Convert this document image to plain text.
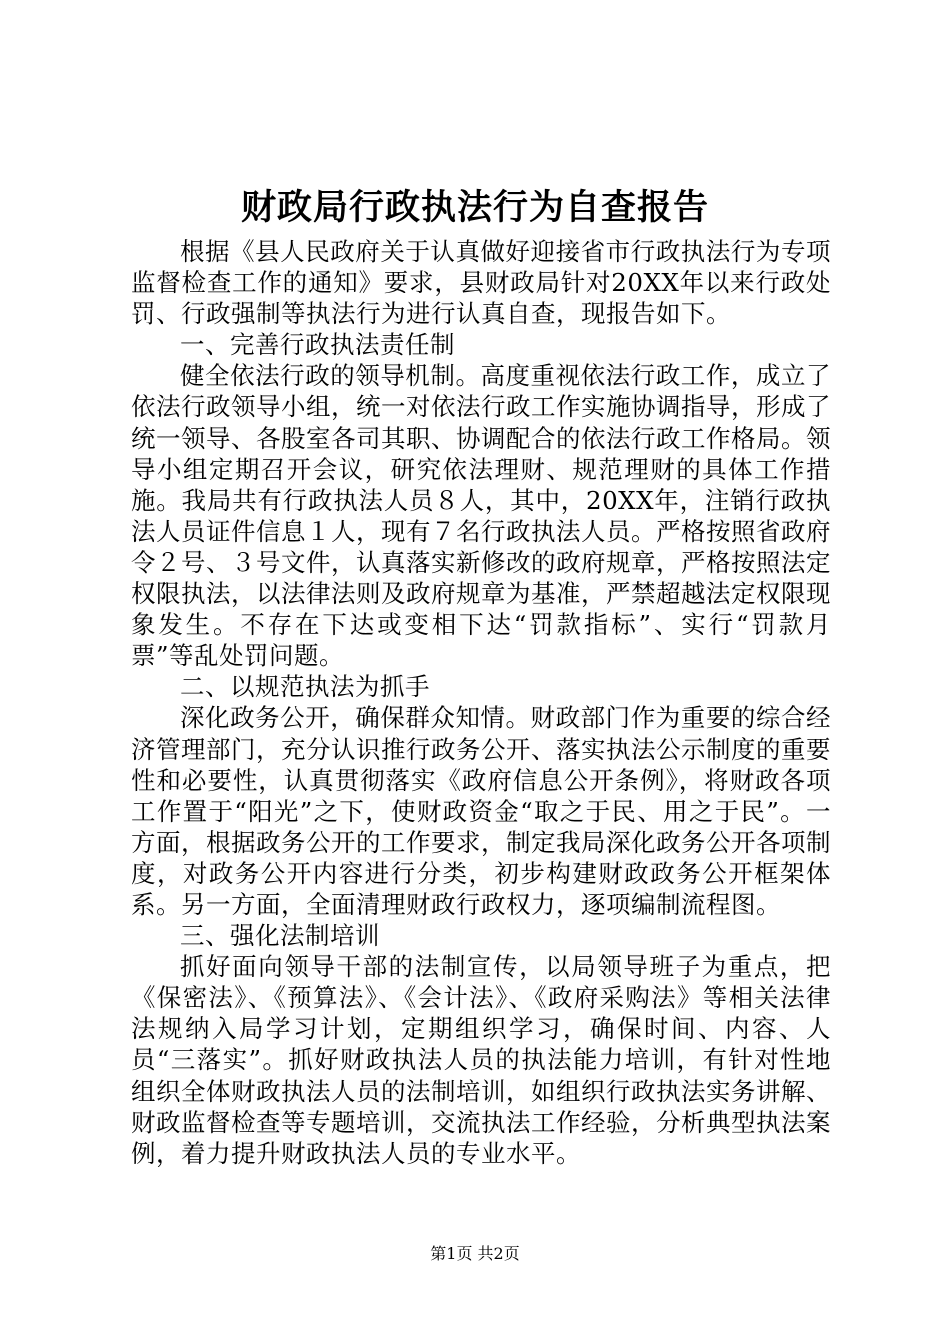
财政局行政执法行为自查报告

根据《县人民政府关于认真做好迎接省市行政执法行为专项监督检查工作的通知》要求，县财政局针对20XX年以来行政处罚、行政强制等执法行为进行认真自查，现报告如下。

一、完善行政执法责任制

健全依法行政的领导机制。高度重视依法行政工作，成立了依法行政领导小组，统一对依法行政工作实施协调指导，形成了统一领导、各股室各司其职、协调配合的依法行政工作格局。领导小组定期召开会议，研究依法理财、规范理财的具体工作措施。我局共有行政执法人员８人，其中，20XX年，注销行政执法人员证件信息１人，现有７名行政执法人员。严格按照省政府令２号、３号文件，认真落实新修改的政府规章，严格按照法定权限执法，以法律法则及政府规章为基准，严禁超越法定权限现象发生。不存在下达或变相下达“罚款指标”、实行“罚款月票”等乱处罚问题。

二、以规范执法为抓手

深化政务公开，确保群众知情。财政部门作为重要的综合经济管理部门，充分认识推行政务公开、落实执法公示制度的重要性和必要性，认真贯彻落实《政府信息公开条例》，将财政各项工作置于“阳光”之下，使财政资金“取之于民、用之于民”。一方面，根据政务公开的工作要求，制定我局深化政务公开各项制度，对政务公开内容进行分类，初步构建财政政务公开框架体系。另一方面，全面清理财政行政权力，逐项编制流程图。

三、强化法制培训

抓好面向领导干部的法制宣传，以局领导班子为重点，把《保密法》、《预算法》、《会计法》、《政府采购法》等相关法律法规纳入局学习计划，定期组织学习，确保时间、内容、人员“三落实”。抓好财政执法人员的执法能力培训，有针对性地组织全体财政执法人员的法制培训，如组织行政执法实务讲解、财政监督检查等专题培训，交流执法工作经验，分析典型执法案例，着力提升财政执法人员的专业水平。

第1页 共2页
